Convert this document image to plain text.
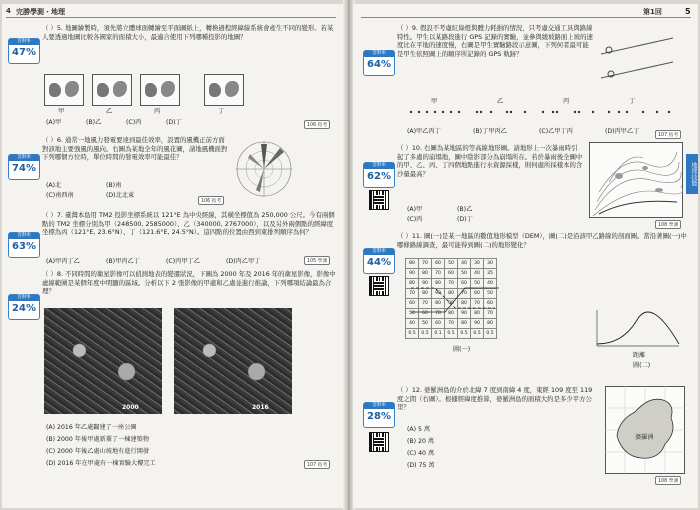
4 完勝學測・地理
答對率
47%

（ ）5. 地圖繪製時，須先將立體球面轉繪至平面圖紙上，轉換過程經緯線系統會產生不同的變形。若某人要透過地圖比較各國家的面積大小，最適合使用下列哪種投影的地圖？

甲	乙	丙	丁
(A)甲	(B)乙	(C)丙	(D)丁	106 指考
答對率
74%

（ ）6. 通常一地風力發電要達到最佳效率，設置的風機正前方面對該地主要強風的風向。右圖為某地全年的風花圖，請地風機面對下列哪個方位時，單位時間的發電效率可能最佳？

(A)北	(B)南
(C)南西南	(D)北北東
106 指考
答對率
63%

（ ）7. 臺灣本島用 TM2 投影坐標系統以 121°E 為中央經線，其橫坐標值為 250,000 公尺。今有兩個點的 TM2 坐標分別為甲（248500, 2585000）、乙（340000, 2767000），以及另外兩個點的經緯度坐標為丙（121°E, 23.6°N）、丁（121.6°E, 24.5°N）。這四點的位置由西到東排列順序為何？

(A)甲丙丁乙	(B)甲丙乙丁	(C)丙甲丁乙	(D)丙乙甲丁	105 學測
答對率
24%

（ ）8. 不同時間的衛星影像可以偵測地表的變遷狀況，下圖為 2000 年及 2016 年的衛星影像，影像中虛線範圍是某個年度中明顯的區域。分析以下 2 張影像的甲處和乙處並進行推論，下列哪項結論最為合理？

2000	2016
(A) 2016 年乙處闢建了一座公園
(B) 2000 年後甲處新蓋了一棟建築物
(C) 2000 年後乙處山坡地有進行開發
(D) 2016 年在甲處有一棟實驗大樓完工	107 指考
第1回	5
地理技能
答對率
64%

（ ）9. 假設不考慮紅綠燈與體力耗損的情況，只考慮交通工具與路線特性。甲生以某路段進行 GPS 記錄的實驗，並參與緩坡路面上坡的速度比在平地的速度慢，右圖是甲生實驗路段示意圖，下列何者最可能是甲生依照圖上的順序所記錄的 GPS 軌跡？

甲	乙	丙	丁
(A)甲乙丙丁	(B)丁甲丙乙	(C)乙甲丁丙	(D)丙甲乙丁
107 指考
答對率
62%

（ ）10. 右圖為某地區的等高線地形圖。請地形上一次暴雨時引起了多處的崩塌地，圖中陰影部分為崩塌所在。若於暴雨後全圖中的甲、乙、丙、丁四個地點進行水資源採樣，則何處所採樣本的含沙量最高？

(A)甲	(B)乙
(C)丙	(D)丁
108 學測
答對率
44%

（ ）11. 圖(一)是某一地區的數值地形模型（DEM），圖(二)是沿該甲乙路線的剖面圖。當沿著圖(一)中哪條路線調查，最可能得到圖(二)的地形變化？

80	70	60	50	40	30	30
90	80	70	60	50	40	35
80	90	80	70	60	50	40
70	80	90	80	70	60	50
60	70	80	90	80	70	60
50	60	70	80	90	80	70
40	50	60	70	80	90	80
0.5	0.5	0.1	0.5	0.5	0.5	0.5
圖(一)
距離
圖(二)
答對率
28%

（ ）12. 婆羅洲島的介於北緯 7 度到南緯 4 度，東經 109 度至 119 度之間（右圖）。根據經緯度推算，婆羅洲島的面積大約是多少平方公里？

(A) 5 萬
(B) 20 萬
(C) 40 萬
(D) 75 萬
婆羅洲
108 學測
